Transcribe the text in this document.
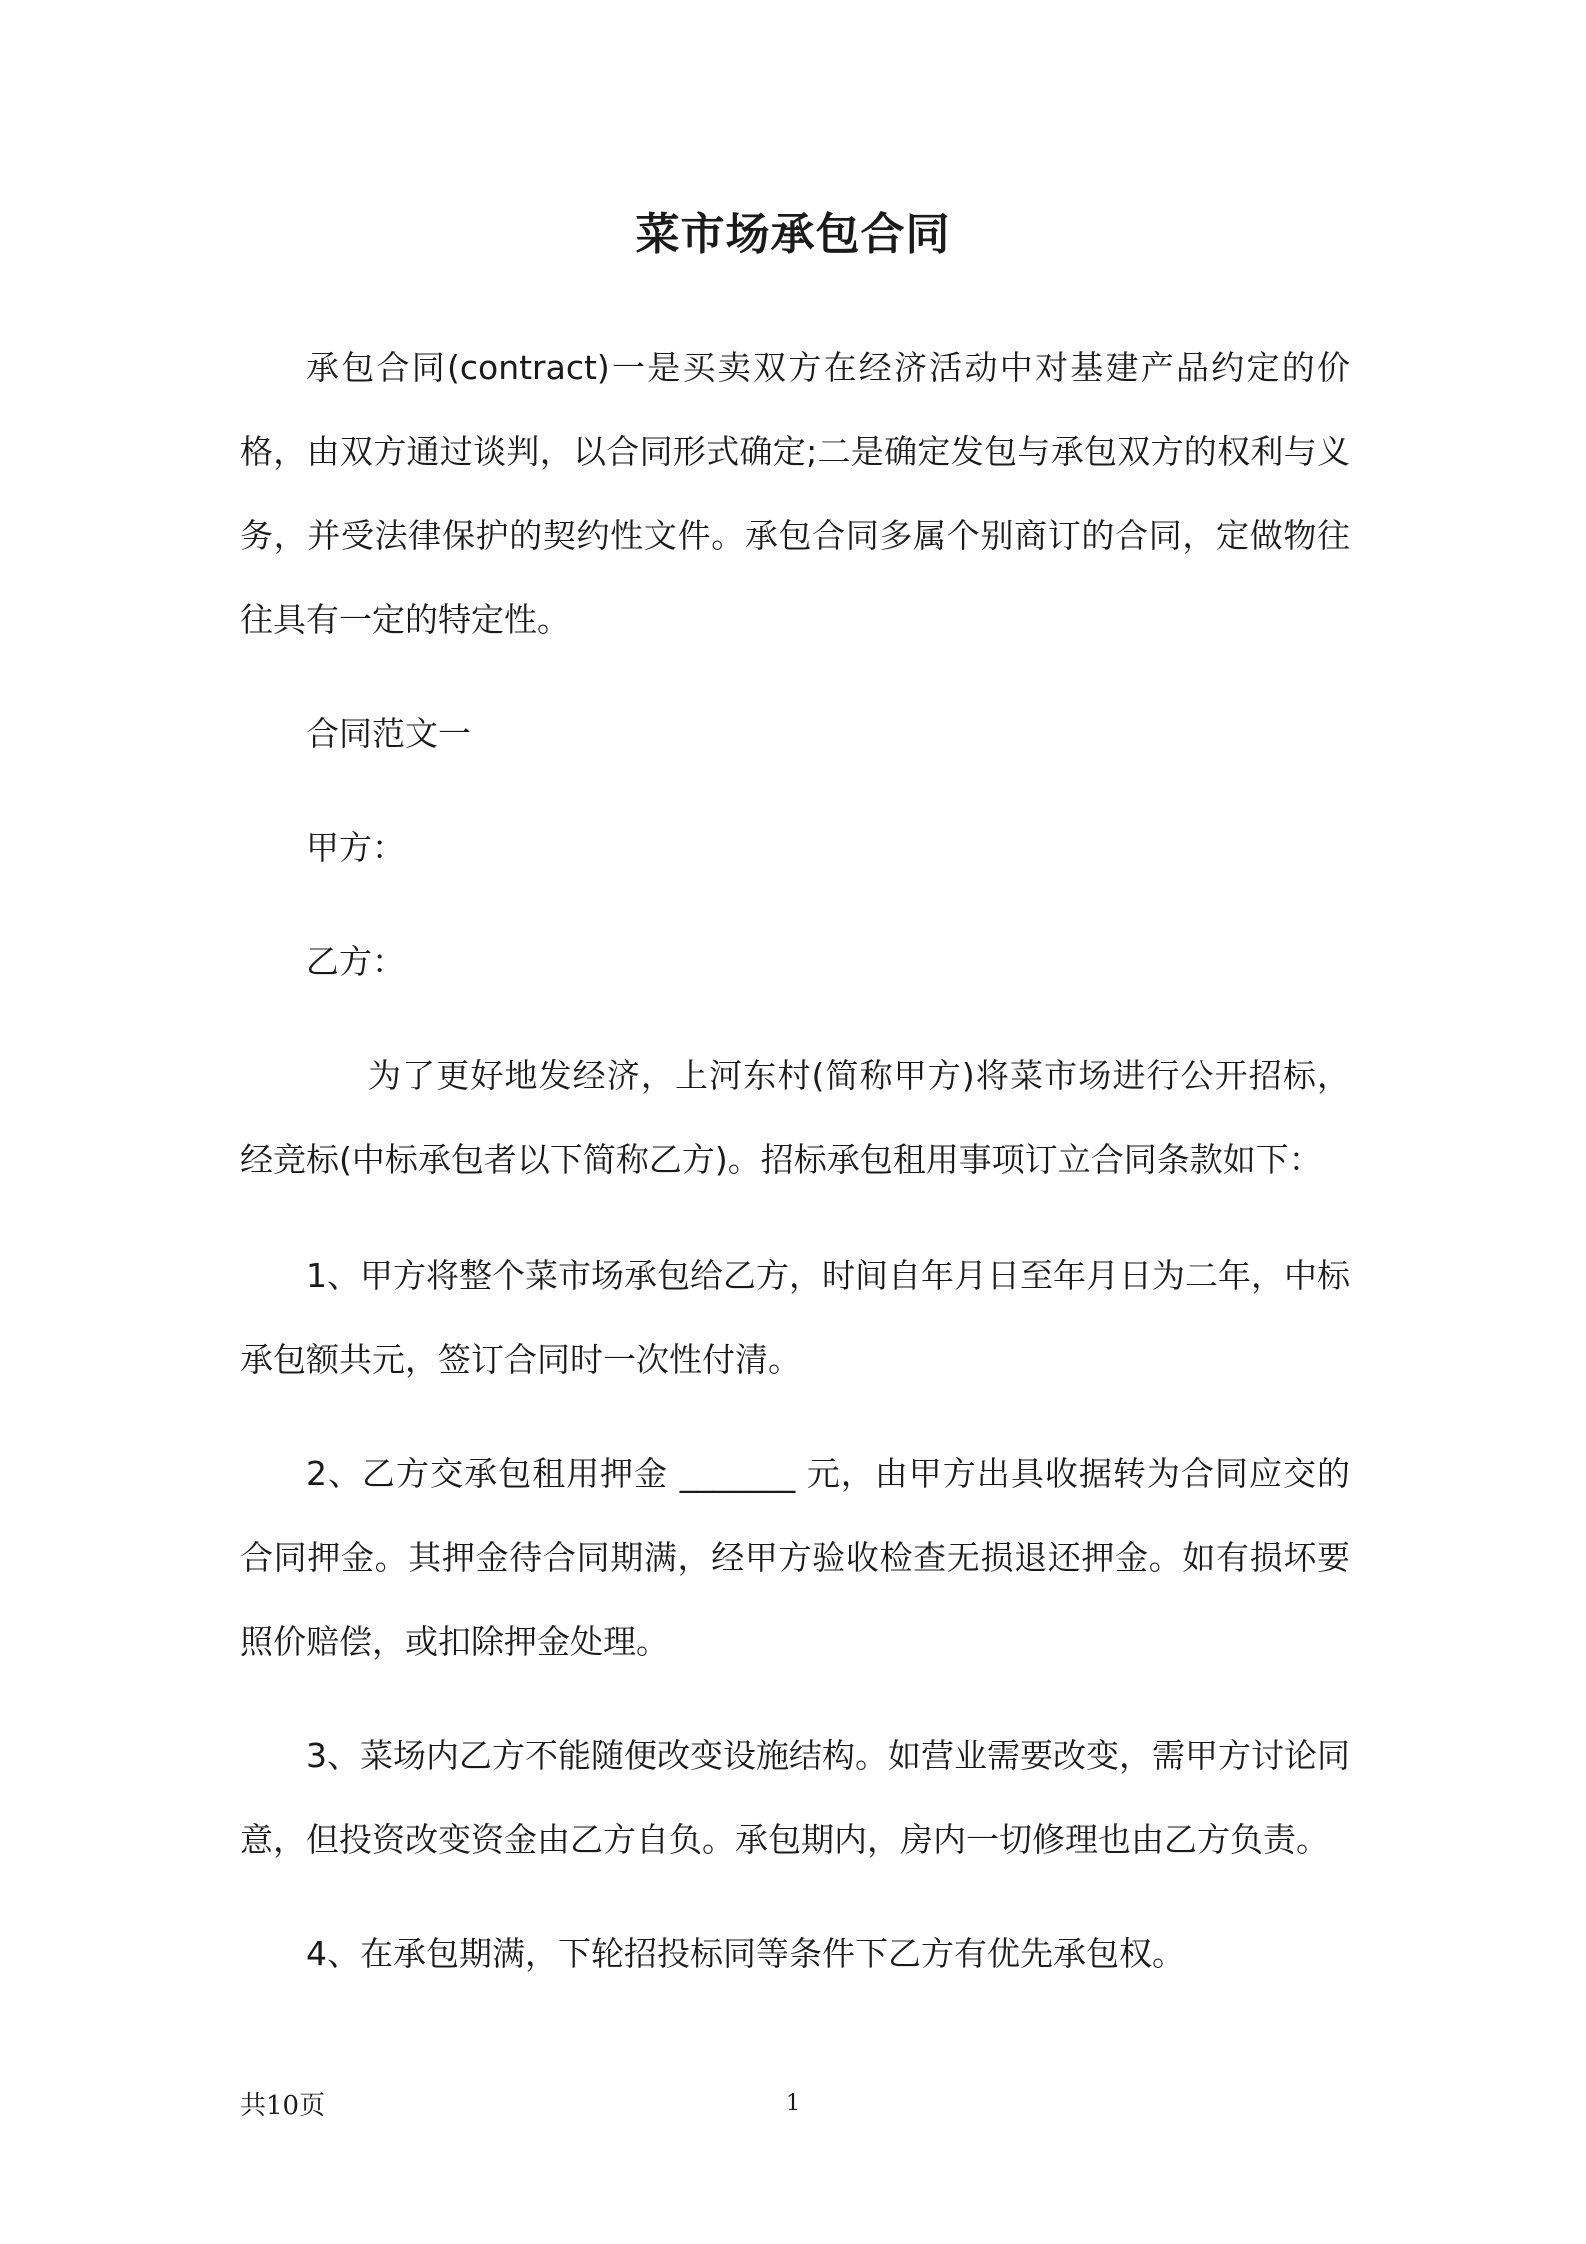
菜市场承包合同

承包合同(contract)一是买卖双方在经济活动中对基建产品约定的价格，由双方通过谈判，以合同形式确定;二是确定发包与承包双方的权利与义务，并受法律保护的契约性文件。承包合同多属个别商订的合同，定做物往往具有一定的特定性。

合同范文一

甲方：

乙方：

为了更好地发经济，上河东村(简称甲方)将菜市场进行公开招标，经竞标(中标承包者以下简称乙方)。招标承包租用事项订立合同条款如下：

1、甲方将整个菜市场承包给乙方，时间自年月日至年月日为二年，中标承包额共元，签订合同时一次性付清。

2、乙方交承包租用押金 _______ 元，由甲方出具收据转为合同应交的合同押金。其押金待合同期满，经甲方验收检查无损退还押金。如有损坏要照价赔偿，或扣除押金处理。

3、菜场内乙方不能随便改变设施结构。如营业需要改变，需甲方讨论同意，但投资改变资金由乙方自负。承包期内，房内一切修理也由乙方负责。

4、在承包期满，下轮招投标同等条件下乙方有优先承包权。

共10页	1
